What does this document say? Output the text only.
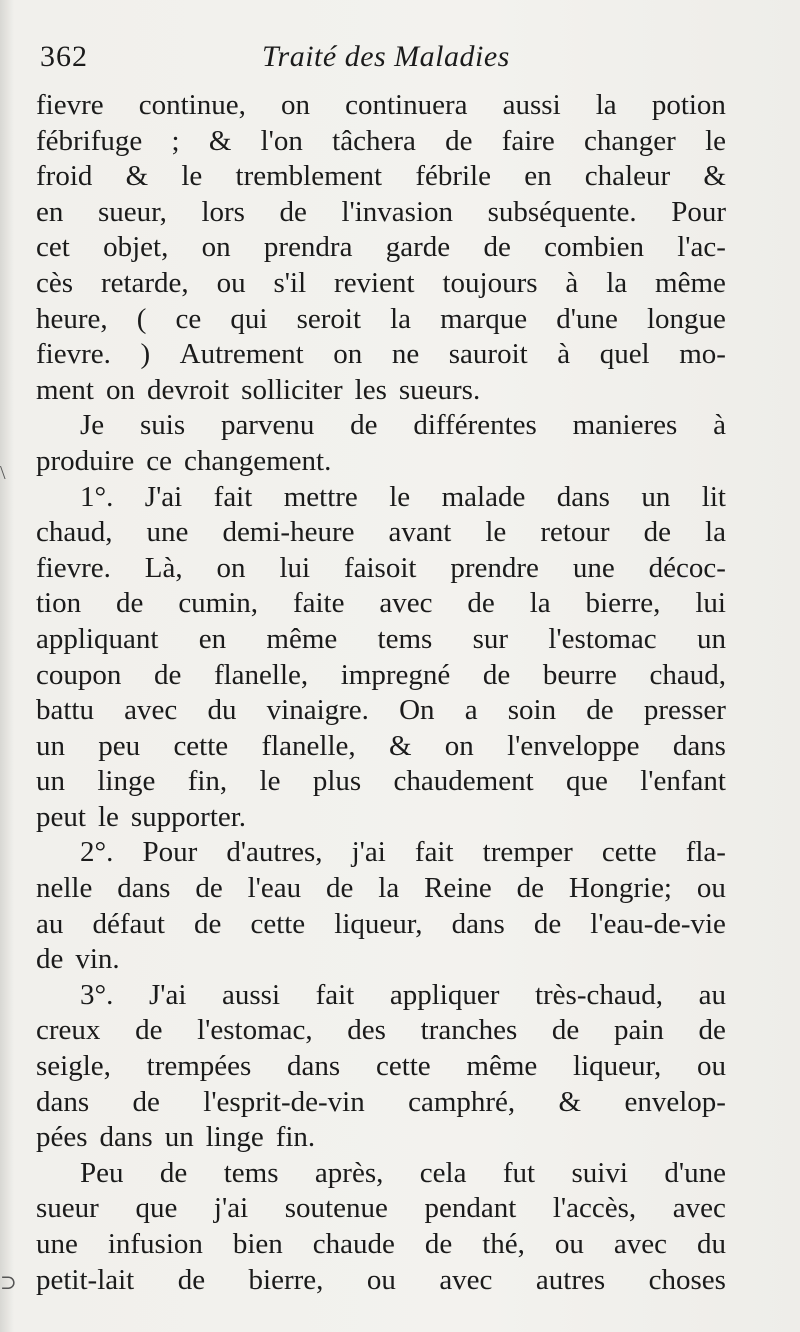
\
⊃
362	Traité des Maladies
fievre continue, on continuera aussi la potion
fébrifuge ; & l'on tâchera de faire changer le
froid & le tremblement fébrile en chaleur &
en sueur, lors de l'invasion subséquente. Pour
cet objet, on prendra garde de combien l'ac-
cès retarde, ou s'il revient toujours à la même
heure, ( ce qui seroit la marque d'une longue
fievre. ) Autrement on ne sauroit à quel mo-
ment on devroit solliciter les sueurs.
Je suis parvenu de différentes manieres à
produire ce changement.
1°. J'ai fait mettre le malade dans un lit
chaud, une demi-heure avant le retour de la
fievre. Là, on lui faisoit prendre une décoc-
tion de cumin, faite avec de la bierre, lui
appliquant en même tems sur l'estomac un
coupon de flanelle, impregné de beurre chaud,
battu avec du vinaigre. On a soin de presser
un peu cette flanelle, & on l'enveloppe dans
un linge fin, le plus chaudement que l'enfant
peut le supporter.
2°. Pour d'autres, j'ai fait tremper cette fla-
nelle dans de l'eau de la Reine de Hongrie; ou
au défaut de cette liqueur, dans de l'eau-de-vie
de vin.
3°. J'ai aussi fait appliquer très-chaud, au
creux de l'estomac, des tranches de pain de
seigle, trempées dans cette même liqueur, ou
dans de l'esprit-de-vin camphré, & envelop-
pées dans un linge fin.
Peu de tems après, cela fut suivi d'une
sueur que j'ai soutenue pendant l'accès, avec
une infusion bien chaude de thé, ou avec du
petit-lait de bierre, ou avec autres choses
